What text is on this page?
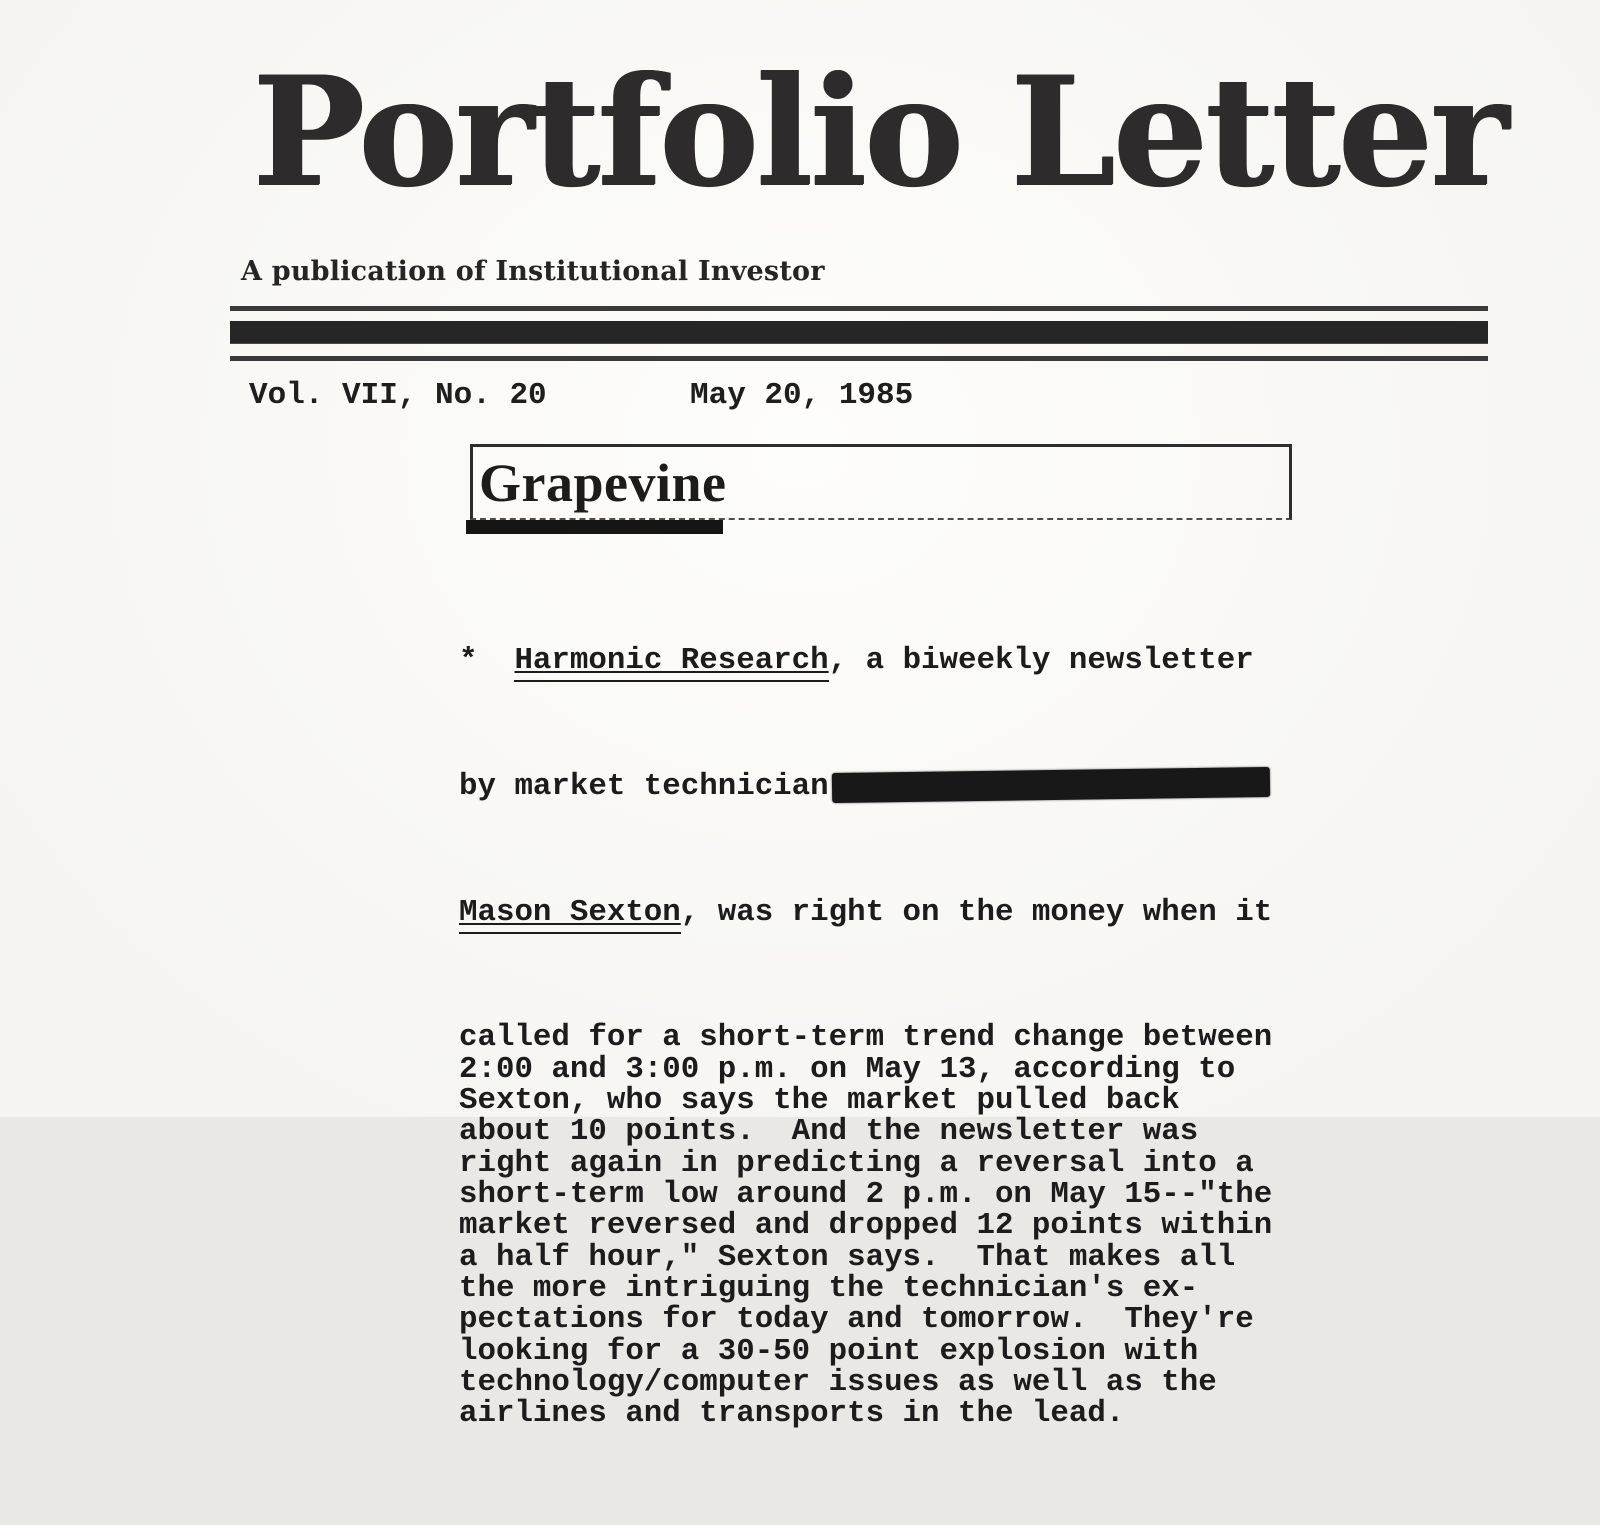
Portfolio Letter
A publication of Institutional Investor
Vol. VII, No. 20	May 20, 1985
Grapevine

*  Harmonic Research, a biweekly newsletter

by market technician

Mason Sexton, was right on the money when it

called for a short-term trend change between
2:00 and 3:00 p.m. on May 13, according to
Sexton, who says the market pulled back
about 10 points.  And the newsletter was
right again in predicting a reversal into a
short-term low around 2 p.m. on May 15--"the
market reversed and dropped 12 points within
a half hour," Sexton says.  That makes all
the more intriguing the technician's ex-
pectations for today and tomorrow.  They're
looking for a 30-50 point explosion with
technology/computer issues as well as the
airlines and transports in the lead.
